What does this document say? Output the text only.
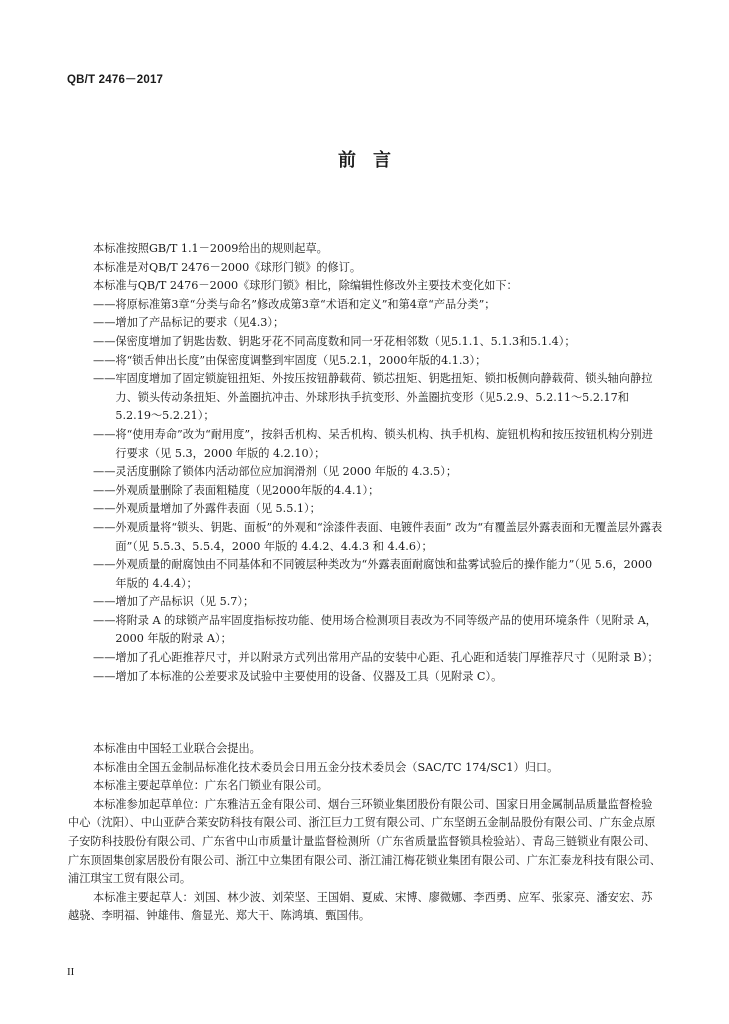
QB/T 2476－2017
前言

本标准按照GB/T 1.1－2009给出的规则起草。

本标准是对QB/T 2476－2000《球形门锁》的修订。

本标准与QB/T 2476－2000《球形门锁》相比，除编辑性修改外主要技术变化如下：

—— 将原标准第3章“分类与命名”修改成第3章“术语和定义”和第4章“产品分类”；
—— 增加了产品标记的要求（见4.3）；
—— 保密度增加了钥匙齿数、钥匙牙花不同高度数和同一牙花相邻数（见5.1.1、5.1.3和5.1.4）；
—— 将“锁舌伸出长度”由保密度调整到牢固度（见5.2.1，2000年版的4.1.3）；
—— 牢固度增加了固定锁旋钮扭矩、外按压按钮静载荷、锁芯扭矩、钥匙扭矩、锁扣板侧向静载荷、锁头轴向静拉力、锁头传动条扭矩、外盖圈抗冲击、外球形执手抗变形、外盖圈抗变形（见5.2.9、5.2.11～5.2.17和5.2.19～5.2.21）；
—— 将“使用寿命”改为“耐用度”，按斜舌机构、呆舌机构、锁头机构、执手机构、旋钮机构和按压按钮机构分别进行要求（见 5.3，2000 年版的 4.2.10）；
—— 灵活度删除了锁体内活动部位应加润滑剂（见 2000 年版的 4.3.5）；
—— 外观质量删除了表面粗糙度（见2000年版的4.4.1）；
—— 外观质量增加了外露件表面（见 5.5.1）；
—— 外观质量将“锁头、钥匙、面板”的外观和“涂漆件表面、电镀件表面” 改为“有覆盖层外露表面和无覆盖层外露表面”（见 5.5.3、5.5.4，2000 年版的 4.4.2、4.4.3 和 4.4.6）；
—— 外观质量的耐腐蚀由不同基体和不同镀层种类改为“外露表面耐腐蚀和盐雾试验后的操作能力”（见 5.6，2000 年版的 4.4.4）；
—— 增加了产品标识（见 5.7）；
—— 将附录 A 的球锁产品牢固度指标按功能、使用场合检测项目表改为不同等级产品的使用环境条件（见附录 A，2000 年版的附录 A）；
—— 增加了孔心距推荐尺寸，并以附录方式列出常用产品的安装中心距、孔心距和适装门厚推荐尺寸（见附录 B）；
—— 增加了本标准的公差要求及试验中主要使用的设备、仪器及工具（见附录 C）。

本标准由中国轻工业联合会提出。

本标准由全国五金制品标准化技术委员会日用五金分技术委员会（SAC/TC 174/SC1）归口。

本标准主要起草单位：广东名门锁业有限公司。

本标准参加起草单位：广东雅洁五金有限公司、烟台三环锁业集团股份有限公司、国家日用金属制品质量监督检验中心（沈阳）、中山亚萨合莱安防科技有限公司、浙江巨力工贸有限公司、广东坚朗五金制品股份有限公司、广东金点原子安防科技股份有限公司、广东省中山市质量计量监督检测所（广东省质量监督锁具检验站）、青岛三链锁业有限公司、广东顶固集创家居股份有限公司、浙江中立集团有限公司、浙江浦江梅花锁业集团有限公司、广东汇泰龙科技有限公司、浦江琪宝工贸有限公司。

本标准主要起草人：刘国、林少波、刘荣坚、王国娟、夏威、宋博、廖微娜、李西勇、应军、张家亮、潘安宏、苏越骁、李明福、钟雄伟、詹显光、郑大干、陈鸿填、甄国伟。

II
